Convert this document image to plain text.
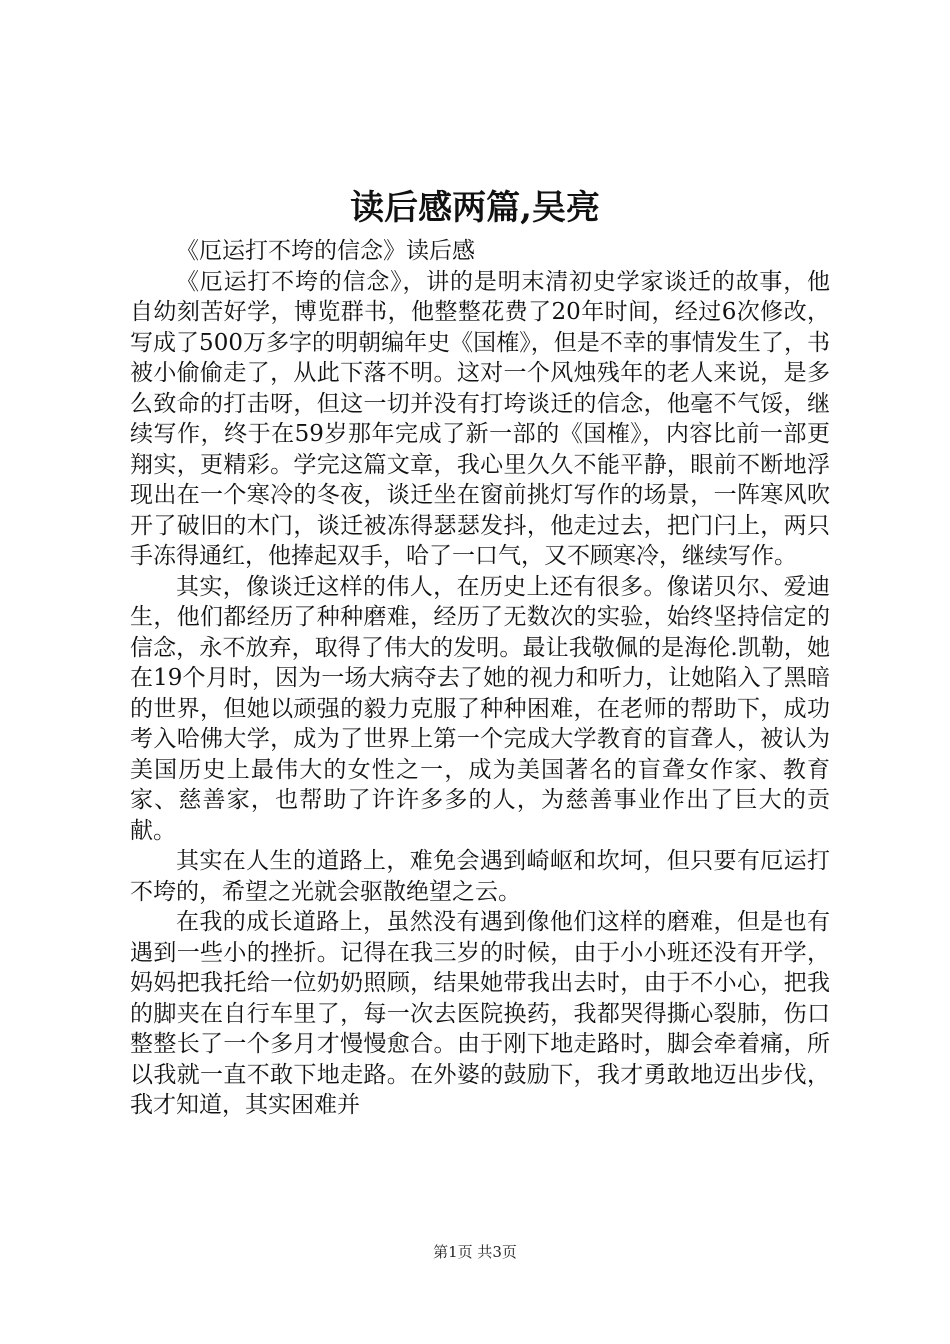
读后感两篇,吴亮

《厄运打不垮的信念》读后感

《厄运打不垮的信念》，讲的是明末清初史学家谈迁的故事，他自幼刻苦好学，博览群书，他整整花费了20年时间，经过6次修改，写成了500万多字的明朝编年史《国榷》，但是不幸的事情发生了，书被小偷偷走了，从此下落不明。这对一个风烛残年的老人来说，是多么致命的打击呀，但这一切并没有打垮谈迁的信念，他毫不气馁，继续写作，终于在59岁那年完成了新一部的《国榷》，内容比前一部更翔实，更精彩。学完这篇文章，我心里久久不能平静，眼前不断地浮现出在一个寒冷的冬夜，谈迁坐在窗前挑灯写作的场景，一阵寒风吹开了破旧的木门，谈迁被冻得瑟瑟发抖，他走过去，把门闩上，两只手冻得通红，他捧起双手，哈了一口气，又不顾寒冷，继续写作。

其实，像谈迁这样的伟人，在历史上还有很多。像诺贝尔、爱迪生，他们都经历了种种磨难，经历了无数次的实验，始终坚持信定的信念，永不放弃，取得了伟大的发明。最让我敬佩的是海伦.凯勒，她在19个月时，因为一场大病夺去了她的视力和听力，让她陷入了黑暗的世界，但她以顽强的毅力克服了种种困难，在老师的帮助下，成功考入哈佛大学，成为了世界上第一个完成大学教育的盲聋人，被认为美国历史上最伟大的女性之一，成为美国著名的盲聋女作家、教育家、慈善家，也帮助了许许多多的人，为慈善事业作出了巨大的贡献。

其实在人生的道路上，难免会遇到崎岖和坎坷，但只要有厄运打不垮的，希望之光就会驱散绝望之云。

在我的成长道路上，虽然没有遇到像他们这样的磨难，但是也有遇到一些小的挫折。记得在我三岁的时候，由于小小班还没有开学，妈妈把我托给一位奶奶照顾，结果她带我出去时，由于不小心，把我的脚夹在自行车里了，每一次去医院换药，我都哭得撕心裂肺，伤口整整长了一个多月才慢慢愈合。由于刚下地走路时，脚会牵着痛，所以我就一直不敢下地走路。在外婆的鼓励下，我才勇敢地迈出步伐，我才知道，其实困难并

第1页 共3页
